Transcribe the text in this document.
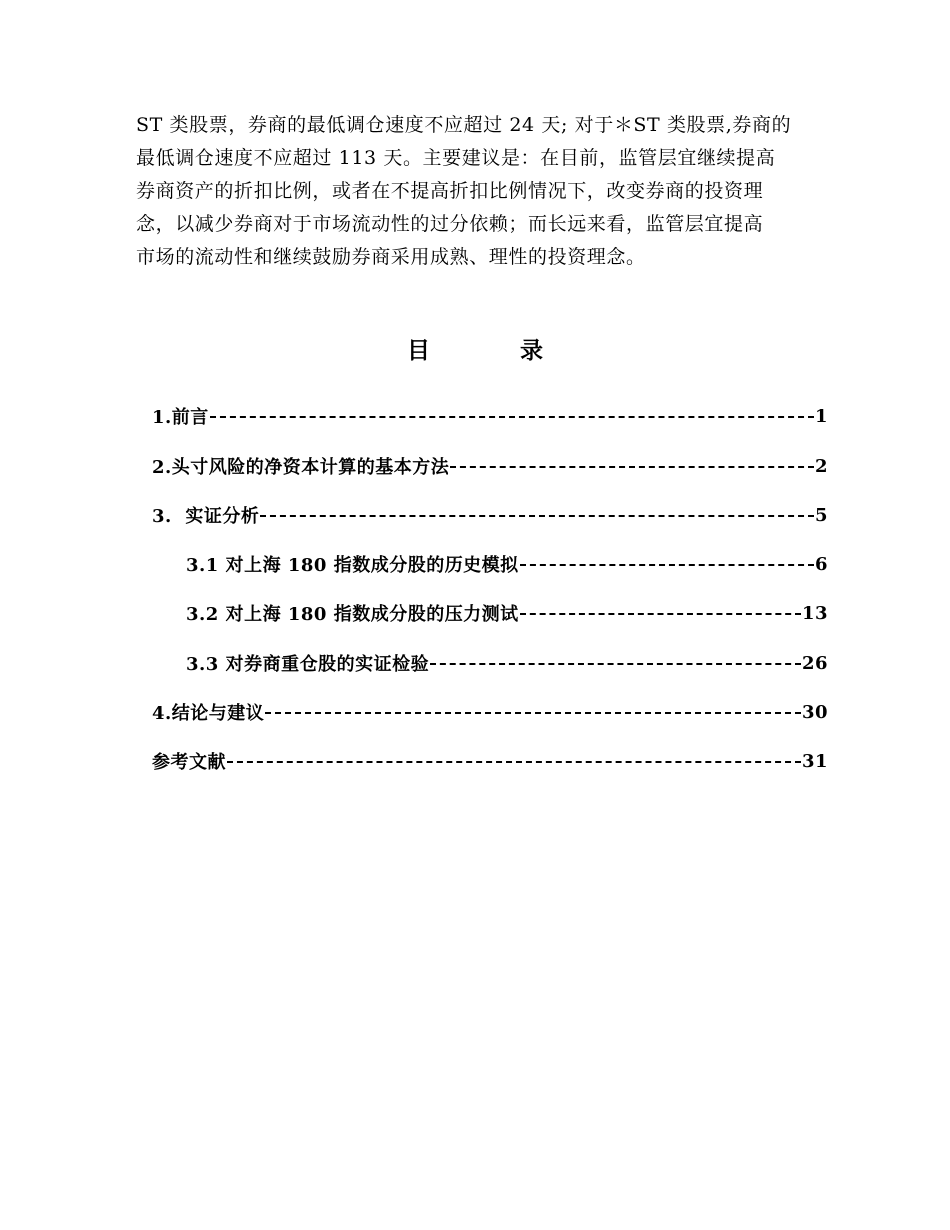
ST 类股票，券商的最低调仓速度不应超过 24 天; 对于＊ST 类股票,券商的
最低调仓速度不应超过 113 天。主要建议是：在目前，监管层宜继续提高
券商资产的折扣比例，或者在不提高折扣比例情况下，改变券商的投资理
念，以减少券商对于市场流动性的过分依赖；而长远来看，监管层宜提高
市场的流动性和继续鼓励券商采用成熟、理性的投资理念。
目	录
1.前言	1
2.头寸风险的净资本计算的基本方法	2
3.  实证分析	5
3.1 对上海 180 指数成分股的历史模拟	6
3.2 对上海 180 指数成分股的压力测试	13
3.3 对券商重仓股的实证检验	26
4.结论与建议	30
参考文献	31
